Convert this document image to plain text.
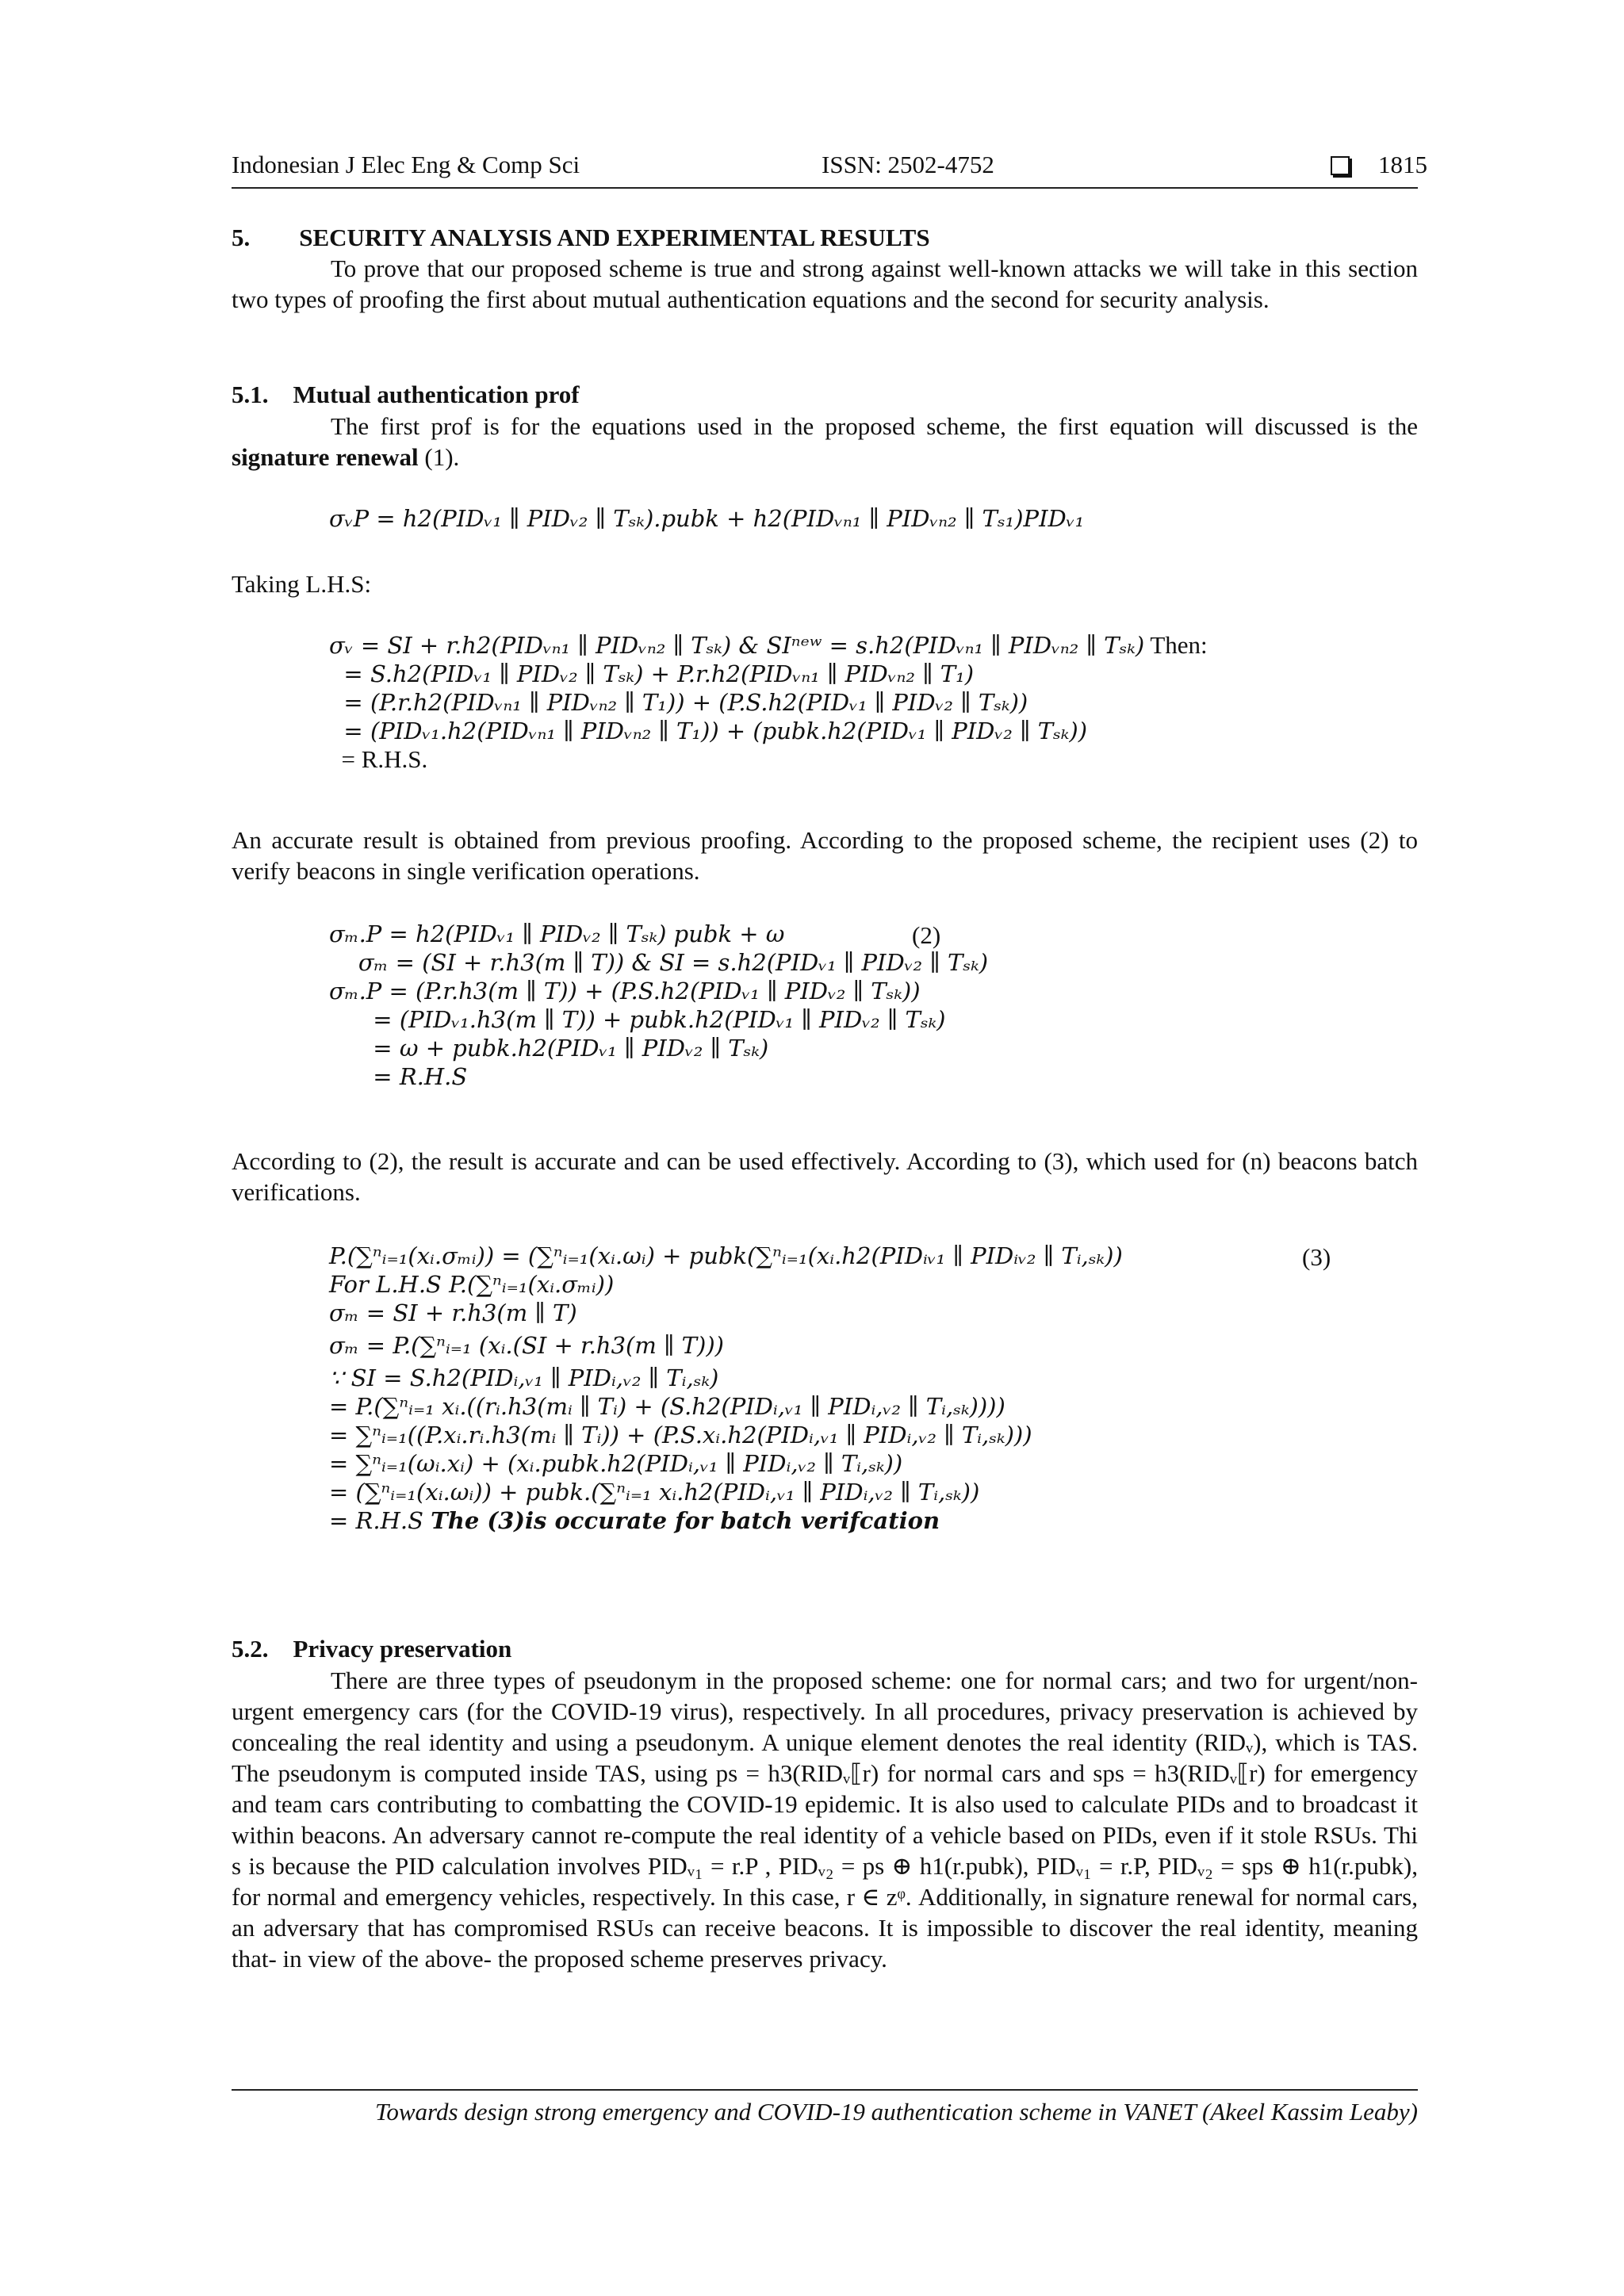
Indonesian J Elec Eng & Comp Sci	ISSN: 2502-4752	1815
5.  SECURITY ANALYSIS AND EXPERIMENTAL RESULTS
To prove that our proposed scheme is true and strong against well-known attacks we will take in this section two types of proofing the first about mutual authentication equations and the second for security analysis.
5.1. Mutual authentication prof
The first prof is for the equations used in the proposed scheme, the first equation will discussed is the signature renewal (1).
σᵥP = h2(PIDᵥ₁ ∥ PIDᵥ₂ ∥ Tₛₖ).pubk + h2(PIDᵥₙ₁ ∥ PIDᵥₙ₂ ∥ Tₛ₁)PIDᵥ₁
Taking L.H.S:
σᵥ = SI + r.h2(PIDᵥₙ₁ ∥ PIDᵥₙ₂ ∥ Tₛₖ) & SIⁿᵉʷ = s.h2(PIDᵥₙ₁ ∥ PIDᵥₙ₂ ∥ Tₛₖ) Then:
= S.h2(PIDᵥ₁ ∥ PIDᵥ₂ ∥ Tₛₖ) + P.r.h2(PIDᵥₙ₁ ∥ PIDᵥₙ₂ ∥ T₁)
= (P.r.h2(PIDᵥₙ₁ ∥ PIDᵥₙ₂ ∥ T₁)) + (P.S.h2(PIDᵥ₁ ∥ PIDᵥ₂ ∥ Tₛₖ))
= (PIDᵥ₁.h2(PIDᵥₙ₁ ∥ PIDᵥₙ₂ ∥ T₁)) + (pubk.h2(PIDᵥ₁ ∥ PIDᵥ₂ ∥ Tₛₖ))
= R.H.S.
An accurate result is obtained from previous proofing. According to the proposed scheme, the recipient uses (2) to verify beacons in single verification operations.
σₘ.P = h2(PIDᵥ₁ ∥ PIDᵥ₂ ∥ Tₛₖ) pubk + ω
σₘ = (SI + r.h3(m ∥ T)) & SI = s.h2(PIDᵥ₁ ∥ PIDᵥ₂ ∥ Tₛₖ)
σₘ.P = (P.r.h3(m ∥ T)) + (P.S.h2(PIDᵥ₁ ∥ PIDᵥ₂ ∥ Tₛₖ))
= (PIDᵥ₁.h3(m ∥ T)) + pubk.h2(PIDᵥ₁ ∥ PIDᵥ₂ ∥ Tₛₖ)
= ω + pubk.h2(PIDᵥ₁ ∥ PIDᵥ₂ ∥ Tₛₖ)
= R.H.S
(2)
According to (2), the result is accurate and can be used effectively. According to (3), which used for (n) beacons batch verifications.
P.(∑ⁿᵢ₌₁(xᵢ.σₘᵢ)) = (∑ⁿᵢ₌₁(xᵢ.ωᵢ) + pubk(∑ⁿᵢ₌₁(xᵢ.h2(PIDᵢᵥ₁ ∥ PIDᵢᵥ₂ ∥ Tᵢ,ₛₖ))
For L.H.S P.(∑ⁿᵢ₌₁(xᵢ.σₘᵢ))
σₘ = SI + r.h3(m ∥ T)
σₘ = P.(∑ⁿᵢ₌₁ (xᵢ.(SI + r.h3(m ∥ T)))
∵ SI = S.h2(PIDᵢ,ᵥ₁ ∥ PIDᵢ,ᵥ₂ ∥ Tᵢ,ₛₖ)
= P.(∑ⁿᵢ₌₁ xᵢ.((rᵢ.h3(mᵢ ∥ Tᵢ) + (S.h2(PIDᵢ,ᵥ₁ ∥ PIDᵢ,ᵥ₂ ∥ Tᵢ,ₛₖ))))
= ∑ⁿᵢ₌₁((P.xᵢ.rᵢ.h3(mᵢ ∥ Tᵢ)) + (P.S.xᵢ.h2(PIDᵢ,ᵥ₁ ∥ PIDᵢ,ᵥ₂ ∥ Tᵢ,ₛₖ)))
= ∑ⁿᵢ₌₁(ωᵢ.xᵢ) + (xᵢ.pubk.h2(PIDᵢ,ᵥ₁ ∥ PIDᵢ,ᵥ₂ ∥ Tᵢ,ₛₖ))
= (∑ⁿᵢ₌₁(xᵢ.ωᵢ)) + pubk.(∑ⁿᵢ₌₁ xᵢ.h2(PIDᵢ,ᵥ₁ ∥ PIDᵢ,ᵥ₂ ∥ Tᵢ,ₛₖ))
= R.H.S The (3)is occurate for batch verifcation
(3)
5.2. Privacy preservation
There are three types of pseudonym in the proposed scheme: one for normal cars; and two for urgent/non-urgent emergency cars (for the COVID-19 virus), respectively. In all procedures, privacy preservation is achieved by concealing the real identity and using a pseudonym. A unique element denotes the real identity (RIDᵥ), which is TAS. The pseudonym is computed inside TAS, using ps = h3(RIDᵥ⟦r) for normal cars and sps = h3(RIDᵥ⟦r) for emergency and team cars contributing to combatting the COVID-19 epidemic. It is also used to calculate PIDs and to broadcast it within beacons. An adversary cannot re-compute the real identity of a vehicle based on PIDs, even if it stole RSUs. Thi s is because the PID calculation involves PIDᵥ₁ = r.P , PIDᵥ₂ = ps ⊕ h1(r.pubk), PIDᵥ₁ = r.P, PIDᵥ₂ = sps ⊕ h1(r.pubk), for normal and emergency vehicles, respectively. In this case, r ∈ zᵠ. Additionally, in signature renewal for normal cars, an adversary that has compromised RSUs can receive beacons. It is impossible to discover the real identity, meaning that- in view of the above- the proposed scheme preserves privacy.
Towards design strong emergency and COVID-19 authentication scheme in VANET (Akeel Kassim Leaby)
